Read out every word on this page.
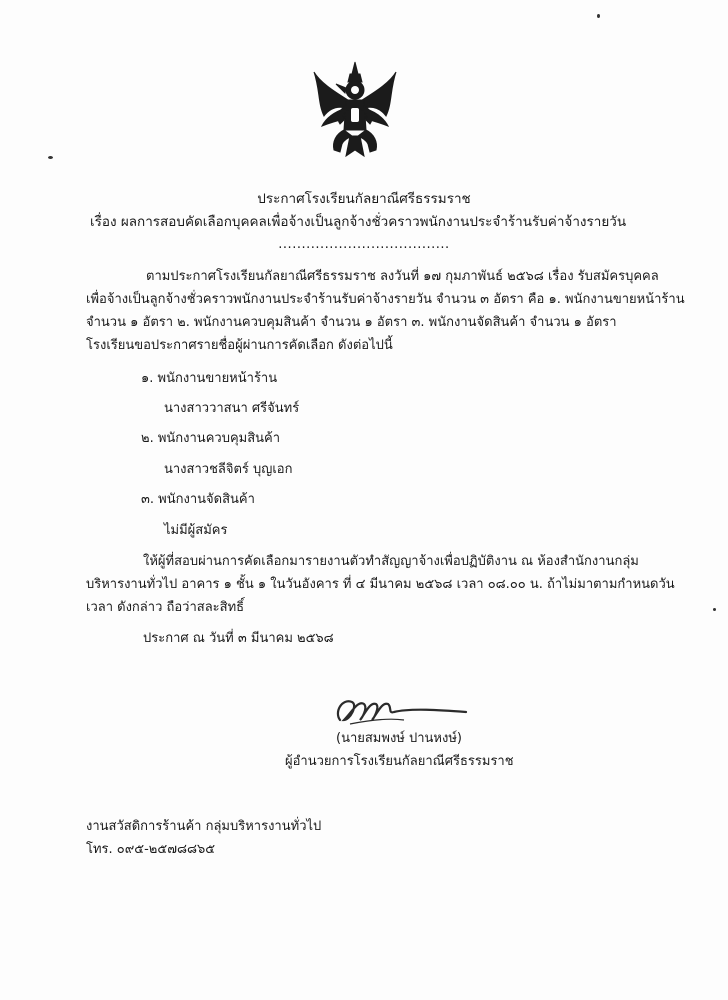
ประกาศโรงเรียนกัลยาณีศรีธรรมราช
เรื่อง ผลการสอบคัดเลือกบุคคลเพื่อจ้างเป็นลูกจ้างชั่วคราวพนักงานประจำร้านรับค่าจ้างรายวัน
.....................................
ตามประกาศโรงเรียนกัลยาณีศรีธรรมราช ลงวันที่ ๑๗ กุมภาพันธ์ ๒๕๖๘ เรื่อง รับสมัครบุคคล
เพื่อจ้างเป็นลูกจ้างชั่วคราวพนักงานประจำร้านรับค่าจ้างรายวัน จำนวน ๓ อัตรา คือ ๑. พนักงานขายหน้าร้าน
จำนวน ๑ อัตรา ๒. พนักงานควบคุมสินค้า จำนวน ๑ อัตรา ๓. พนักงานจัดสินค้า จำนวน ๑ อัตรา
โรงเรียนขอประกาศรายชื่อผู้ผ่านการคัดเลือก ดังต่อไปนี้
๑. พนักงานขายหน้าร้าน
นางสาววาสนา ศรีจันทร์
๒. พนักงานควบคุมสินค้า
นางสาวชลีจิตร์ บุญเอก
๓. พนักงานจัดสินค้า
ไม่มีผู้สมัคร
ให้ผู้ที่สอบผ่านการคัดเลือกมารายงานตัวทำสัญญาจ้างเพื่อปฏิบัติงาน ณ ห้องสำนักงานกลุ่ม
บริหารงานทั่วไป อาคาร ๑ ชั้น ๑ ในวันอังคาร ที่ ๔ มีนาคม ๒๕๖๘ เวลา ๐๘.๐๐ น. ถ้าไม่มาตามกำหนดวัน
เวลา ดังกล่าว ถือว่าสละสิทธิ์
ประกาศ ณ วันที่ ๓ มีนาคม ๒๕๖๘
(นายสมพงษ์ ปานหงษ์)
ผู้อำนวยการโรงเรียนกัลยาณีศรีธรรมราช
งานสวัสดิการร้านค้า กลุ่มบริหารงานทั่วไป
โทร. ๐๙๕-๒๕๗๘๘๖๕
